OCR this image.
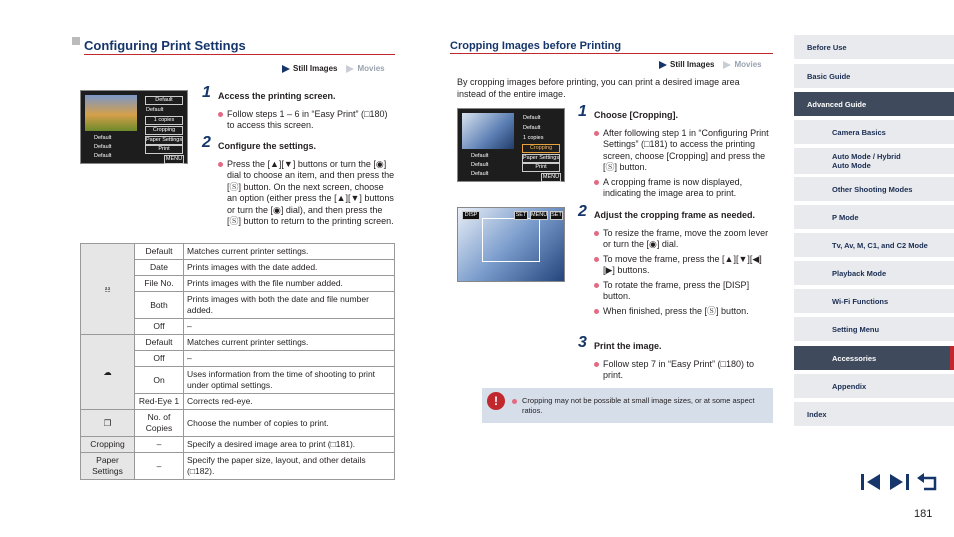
Configuring Print Settings
Still Images	Movies
Default
Default
1 copies
Cropping
Paper Settings
Print
Default
Default
Default	MENU
1 Access the printing screen.
Follow steps 1 – 6 in “Easy Print” (□180) to access this screen.
2 Configure the settings.
Press the [▲][▼] buttons or turn the [◉] dial to choose an item, and then press the [Ⓢ] button. On the next screen, choose an option (either press the [▲][▼] buttons or turn the [◉] dial), and then press the [Ⓢ] button to return to the printing screen.
⎂	Default	Matches current printer settings.
	Date	Prints images with the date added.
	File No.	Prints images with the file number added.
	Both	Prints images with both the date and file number added.
	Off	–
☁	Default	Matches current printer settings.
	Off	–
	On	Uses information from the time of shooting to print under optimal settings.
	Red-Eye 1	Corrects red-eye.
❐	No. of Copies	Choose the number of copies to print.
Cropping	–	Specify a desired image area to print (□181).
Paper Settings	–	Specify the paper size, layout, and other details (□182).
Cropping Images before Printing
Still Images	Movies
By cropping images before printing, you can print a desired image area instead of the entire image.
Default
Default
1 copies
Cropping
Paper Settings
Print
Default
Default
Default	MENU
DISP	SET MENU SET
1 Choose [Cropping].
After following step 1 in “Configuring Print Settings” (□181) to access the printing screen, choose [Cropping] and press the [Ⓢ] button.
A cropping frame is now displayed, indicating the image area to print.
2 Adjust the cropping frame as needed.
To resize the frame, move the zoom lever or turn the [◉] dial.
To move the frame, press the [▲][▼][◀][▶] buttons.
To rotate the frame, press the [DISP] button.
When finished, press the [Ⓢ] button.
3 Print the image.
Follow step 7 in “Easy Print” (□180) to print.
!	Cropping may not be possible at small image sizes, or at some aspect ratios.
Before Use
Basic Guide
Advanced Guide
Camera Basics
Auto Mode / Hybrid Auto Mode
Other Shooting Modes
P Mode
Tv, Av, M, C1, and C2 Mode
Playback Mode
Wi-Fi Functions
Setting Menu
Accessories
Appendix
Index
181
